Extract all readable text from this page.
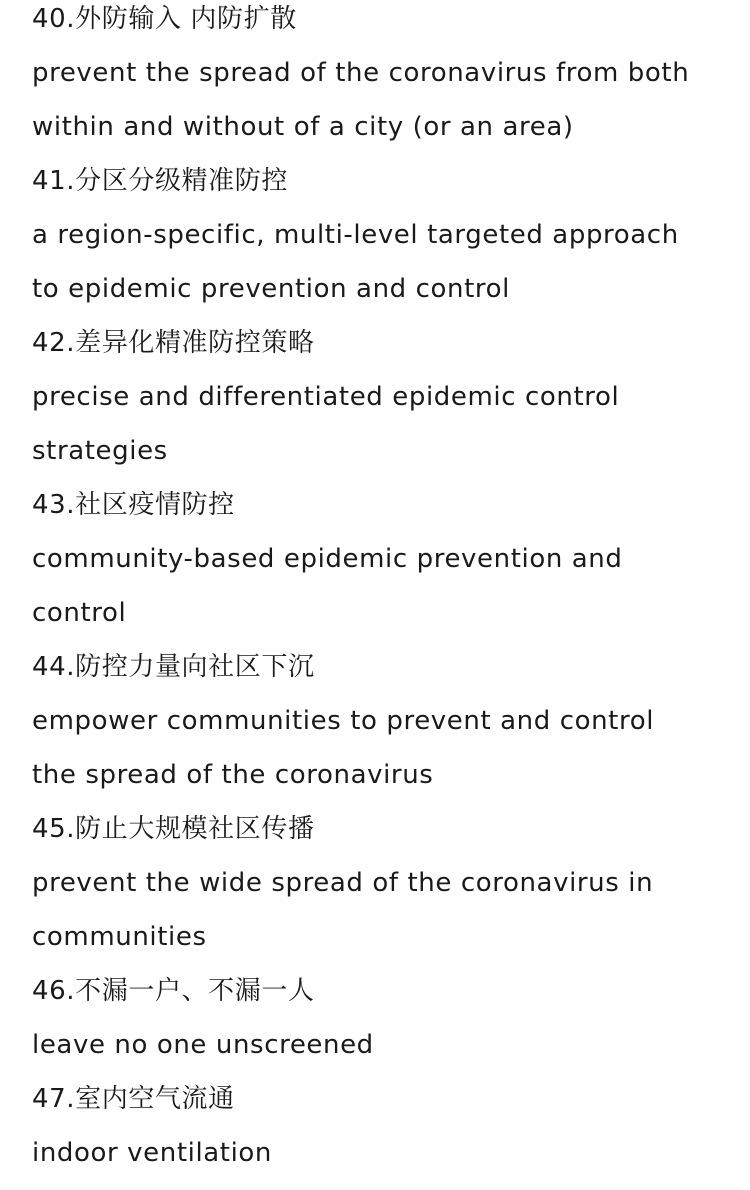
40.外防输入 内防扩散
prevent the spread of the coronavirus from both
within and without of a city (or an area)
41.分区分级精准防控
a region-specific, multi-level targeted approach
to epidemic prevention and control
42.差异化精准防控策略
precise and differentiated epidemic control
strategies
43.社区疫情防控
community-based epidemic prevention and
control
44.防控力量向社区下沉
empower communities to prevent and control
the spread of the coronavirus
45.防止大规模社区传播
prevent the wide spread of the coronavirus in
communities
46.不漏一户、不漏一人
leave no one unscreened
47.室内空气流通
indoor ventilation
